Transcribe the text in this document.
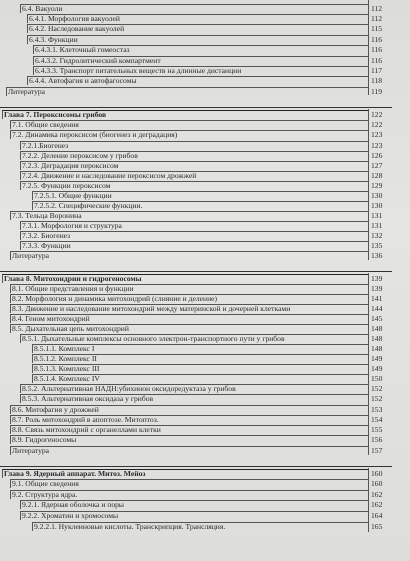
6.4. Вакуоли	112
6.4.1. Морфология вакуолей	112
6.4.2. Наследование вакуолей	115
6.4.3. Функции	116
6.4.3.1. Клеточный гомеостаз	116
6.4.3.2. Гидролитический компартмент	116
6.4.3.3. Транспорт питательных веществ на длинные дистанции	117
6.4.4. Автофагия и автофагосомы	118
Литература	119
Глава 7. Пероксисомы грибов	122
7.1. Общие сведения	122
7.2. Динамика пероксисом (биогенез и деградация)	123
7.2.1.Биогенез	123
7.2.2. Деление пероксисом у грибов	126
7.2.3. Деградация пероксисом	127
7.2.4. Движение и наследование пероксисом дрожжей	128
7.2.5. Функции пероксисом	129
7.2.5.1. Общие функции	130
7.2.5.2. Специфические функции.	130
7.3. Тельца Воронина	131
7.3.1. Морфология и структура	131
7.3.2. Биогенез	132
7.3.3. Функции	135
Литература	136
Глава 8. Митохондрии и гидрогеносомы	139
8.1. Общие представления и функции	139
8.2. Морфология и динамика митохондрий (слияние и деление)	141
8.3. Движение и наследование митохондрий между материнской и дочерней клетками	144
8.4. Геном митохондрий	145
8.5. Дыхательная цепь митохондрий	148
8.5.1. Дыхательные комплексы основного электрон-транспортного пути у грибов	148
8.5.1.1. Комплекс I	148
8.5.1.2. Комплекс II	149
8.5.1.3. Комплекс III	149
8.5.1.4. Комплекс IV	150
8.5.2. Альтернативная НАДН:убихинон оксидоредуктаза у грибов	152
8.5.3. Альтернативная оксидаза у грибов	152
8.6. Митофагия у дрожжей	153
8.7. Роль митохондрий в апоптозе. Митоптоз.	154
8.8. Связь митохондрий с органеллами клетки	155
8.9. Гидрогеносомы	156
Литература	157
Глава 9. Ядерный аппарат. Митоз. Мейоз	160
9.1. Общие сведения	160
9.2. Структура ядра.	162
9.2.1. Ядерная оболочка и поры	162
9.2.2. Хроматин и хромосомы	164
9.2.2.1. Нуклеиновые кислоты. Транскрипция. Трансляция.	165
